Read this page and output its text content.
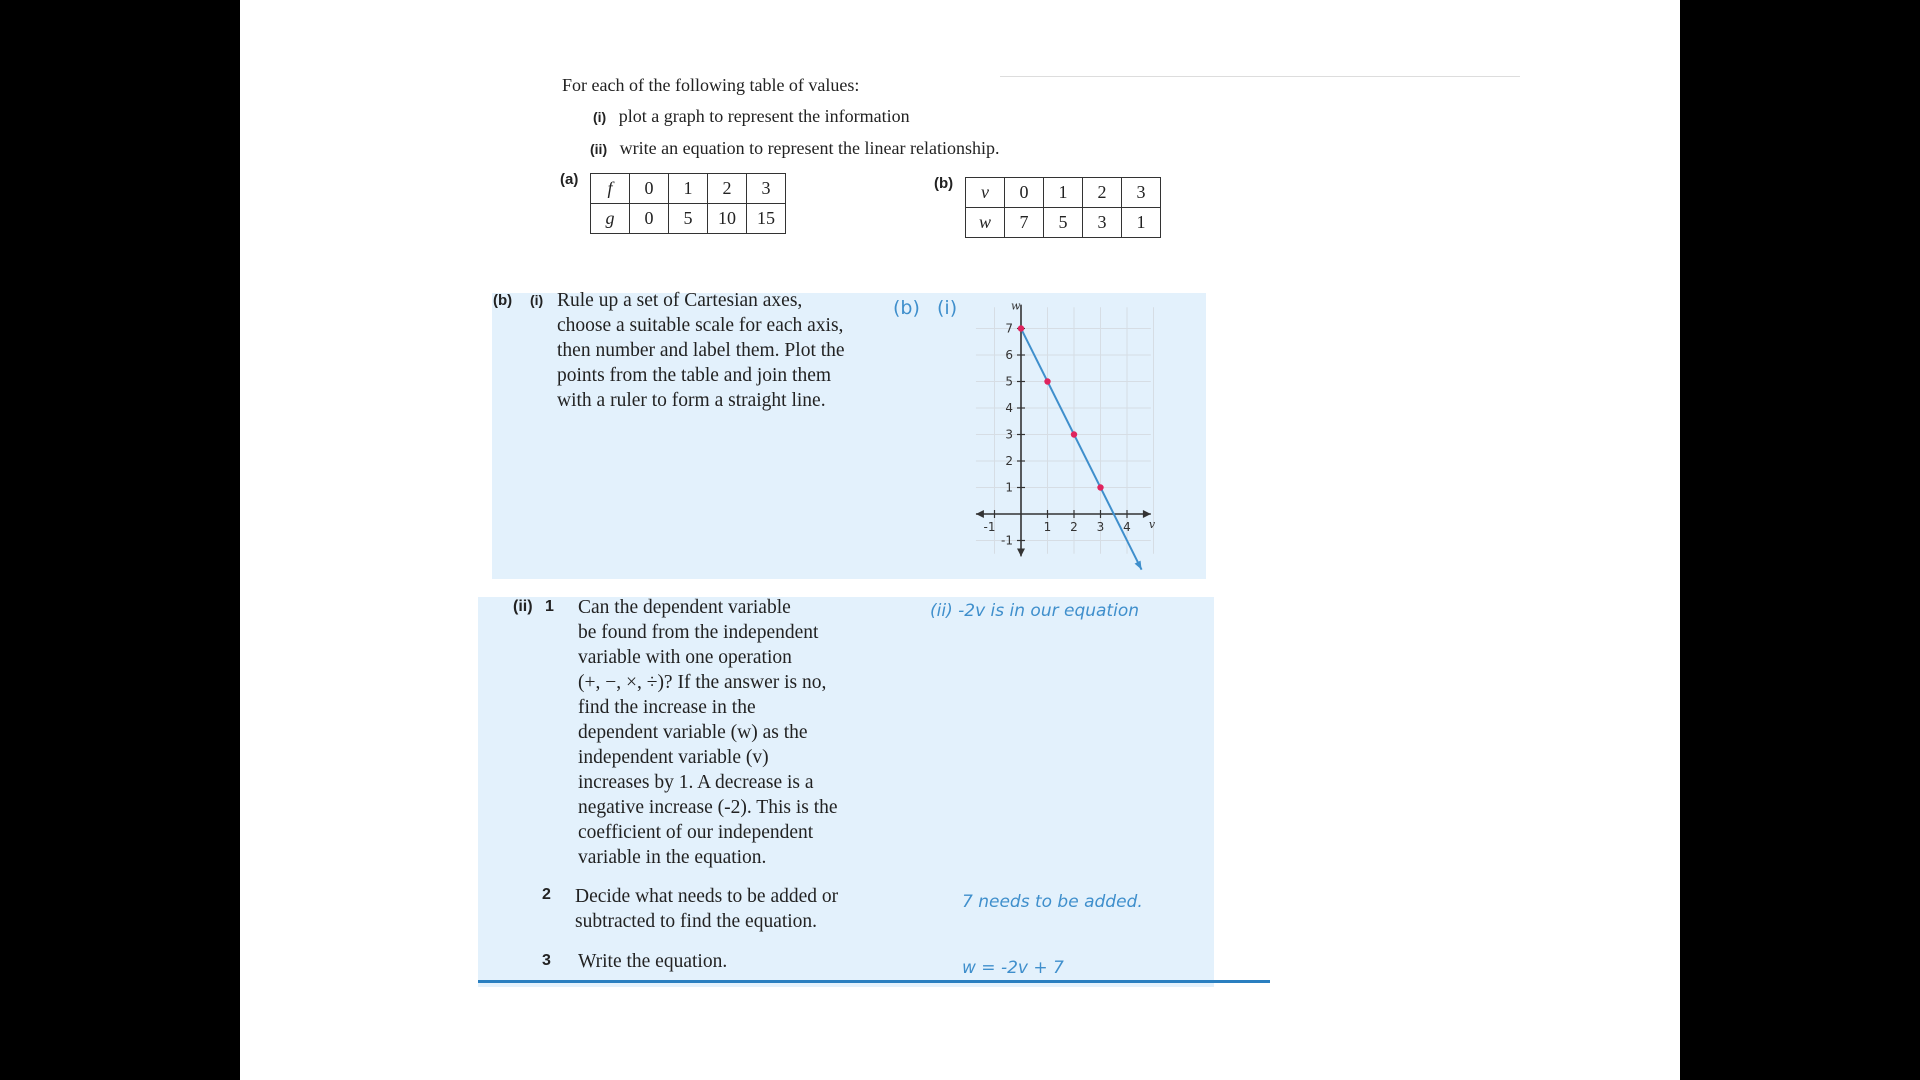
For each of the following table of values:
(i) plot a graph to represent the information
(ii) write an equation to represent the linear relationship.
(a) f	0	1	2	3
g	0	5	10	15
(b) v	0	1	2	3
w	7	5	3	1
(b) (i) Rule up a set of Cartesian axes,
choose a suitable scale for each axis,
then number and label them. Plot the
points from the table and join them
with a ruler to form a straight line.
(b) (i)
7
6
5
4
3
2
1
-1
-1	1 2 3 4 v
w
(ii) 1 Can the dependent variable
be found from the independent
variable with one operation
(+, −, ×, ÷)? If the answer is no,
find the increase in the
dependent variable (w) as the
independent variable (v)
increases by 1. A decrease is a
negative increase (-2). This is the
coefficient of our independent
variable in the equation.
2 Decide what needs to be added or
subtracted to find the equation.
3 Write the equation.
(ii) -2v is in our equation
7 needs to be added.
w = -2v + 7
